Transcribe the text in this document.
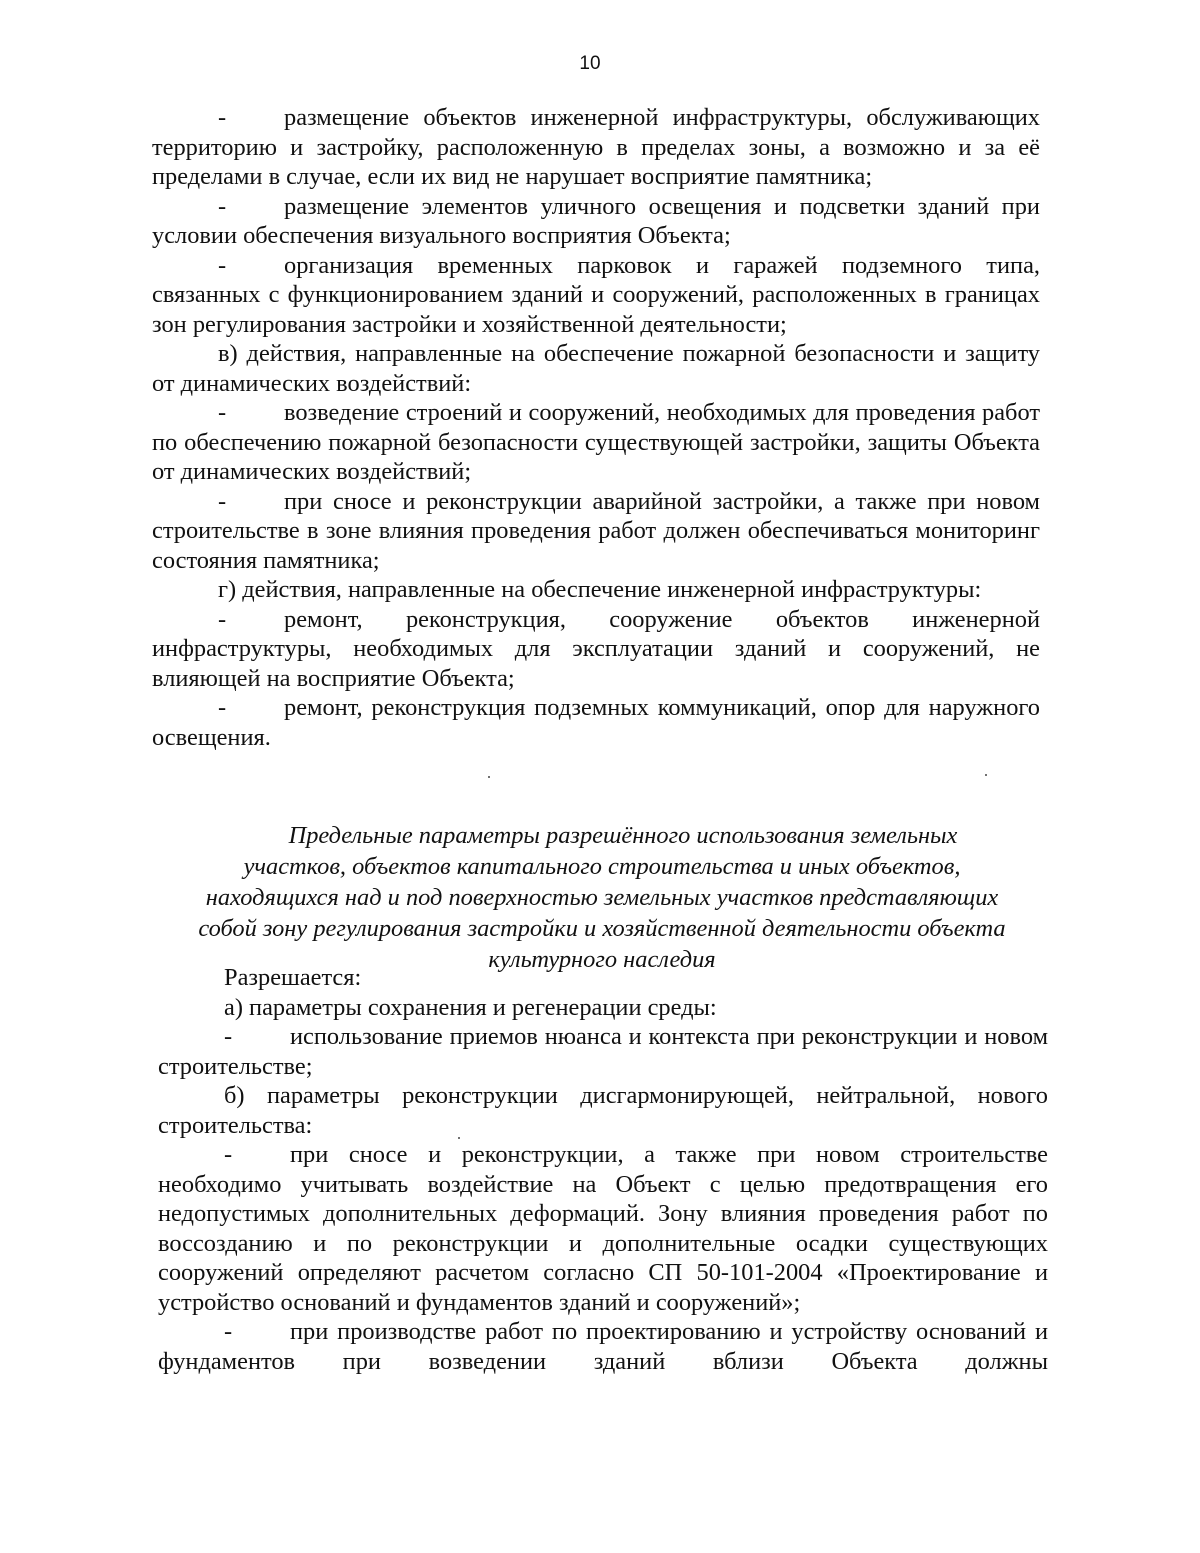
10

- размещение объектов инженерной инфраструктуры, обслуживающих территорию и застройку, расположенную в пределах зоны, а возможно и за её пределами в случае, если их вид не нарушает восприятие памятника;

- размещение элементов уличного освещения и подсветки зданий при условии обеспечения визуального восприятия Объекта;

- организация временных парковок и гаражей подземного типа, связанных с функционированием зданий и сооружений, расположенных в границах зон регулирования застройки и хозяйственной деятельности;

в) действия, направленные на обеспечение пожарной безопасности и защиту от динамических воздействий:

- возведение строений и сооружений, необходимых для проведения работ по обеспечению пожарной безопасности существующей застройки, защиты Объекта от динамических воздействий;

- при сносе и реконструкции аварийной застройки, а также при новом строительстве в зоне влияния проведения работ должен обеспечиваться мониторинг состояния памятника;

г) действия, направленные на обеспечение инженерной инфраструктуры:

- ремонт, реконструкция, сооружение объектов инженерной инфраструктуры, необходимых для эксплуатации зданий и сооружений, не влияющей на восприятие Объекта;

- ремонт, реконструкция подземных коммуникаций, опор для наружного освещения.

Предельные параметры разрешённого использования земельных

участков, объектов капитального строительства и иных объектов,

находящихся над и под поверхностью земельных участков представляющих

собой зону регулирования застройки и хозяйственной деятельности объекта

культурного наследия

Разрешается:

а) параметры сохранения и регенерации среды:

- использование приемов нюанса и контекста при реконструкции и новом строительстве;

б) параметры реконструкции дисгармонирующей, нейтральной, нового строительства:

- при сносе и реконструкции, а также при новом строительстве необходимо учитывать воздействие на Объект с целью предотвращения его недопустимых дополнительных деформаций. Зону влияния проведения работ по воссозданию и по реконструкции и дополнительные осадки существующих сооружений определяют расчетом согласно СП 50-101-2004 «Проектирование и устройство оснований и фундаментов зданий и сооружений»;

- при производстве работ по проектированию и устройству оснований и фундаментов при возведении зданий вблизи Объекта должны
